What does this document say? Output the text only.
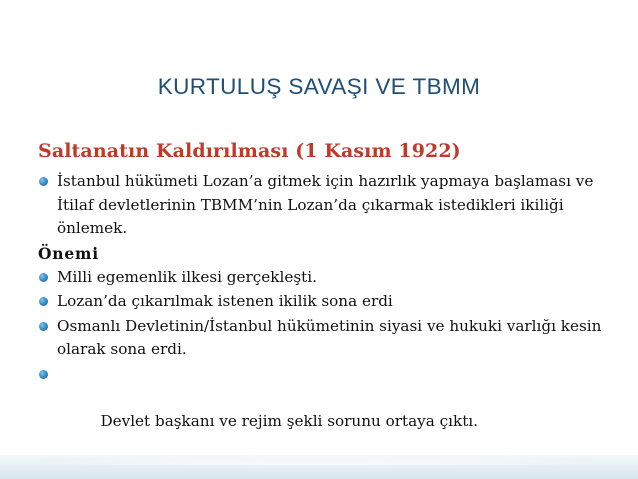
KURTULUŞ SAVAŞI VE TBMM
Saltanatın Kaldırılması (1 Kasım 1922)
İstanbul hükümeti Lozan’a gitmek için hazırlık yapmaya başlaması ve İtilaf devletlerinin TBMM’nin Lozan’da çıkarmak istedikleri ikiliği önlemek.
Önemi
Milli egemenlik ilkesi gerçekleşti.
Lozan’da çıkarılmak istenen ikilik sona erdi
Osmanlı Devletinin/İstanbul hükümetinin siyasi ve hukuki varlığı kesin olarak sona erdi.

Devlet başkanı ve rejim şekli sorunu ortaya çıktı.
